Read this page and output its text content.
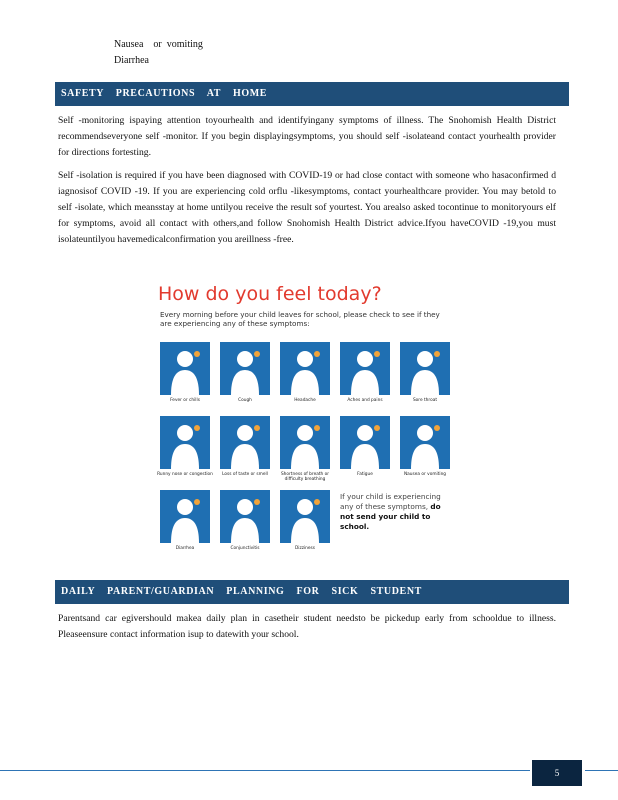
Nausea    or  vomiting
Diarrhea
SAFETY PRECAUTIONS AT HOME
Self -monitoring ispaying attention toyourhealth and identifyingany symptoms of illness. The Snohomish Health District recommendseveryone self -monitor. If you begin displayingsymptoms, you should self -isolateand contact yourhealth provider for directions fortesting.
Self -isolation is required if you have been diagnosed with COVID-19 or had close contact with someone who hasaconfirmed d iagnosisof COVID -19. If you are experiencing cold orflu -likesymptoms, contact yourhealthcare provider. You may betold to self -isolate, which meansstay at home untilyou receive the result sof yourtest. You arealso asked tocontinue to monitoryours elf for symptoms, avoid all contact with others,and follow Snohomish Health District advice.Ifyou haveCOVID -19,you must isolateuntilyou havemedicalconfirmation you areillness -free.
How do you feel today?
Every morning before your child leaves for school, please check to see if they are experiencing any of these symptoms:
Fever or chills	Cough	Headache	Aches and pains	Sore throat
Runny nose or congestion	Loss of taste or smell	Shortness of breath or difficulty breathing
Fatigue	Nausea or vomiting
Diarrhea	Conjunctivitis	Dizziness
If your child is experiencing any of these symptoms, do not send your child to school.
DAILY PARENT/GUARDIAN PLANNING FOR SICK STUDENT
Parentsand car egivershould makea daily plan in casetheir student needsto be pickedup early from schooldue to illness. Pleaseensure contact information isup to datewith your school.
5
